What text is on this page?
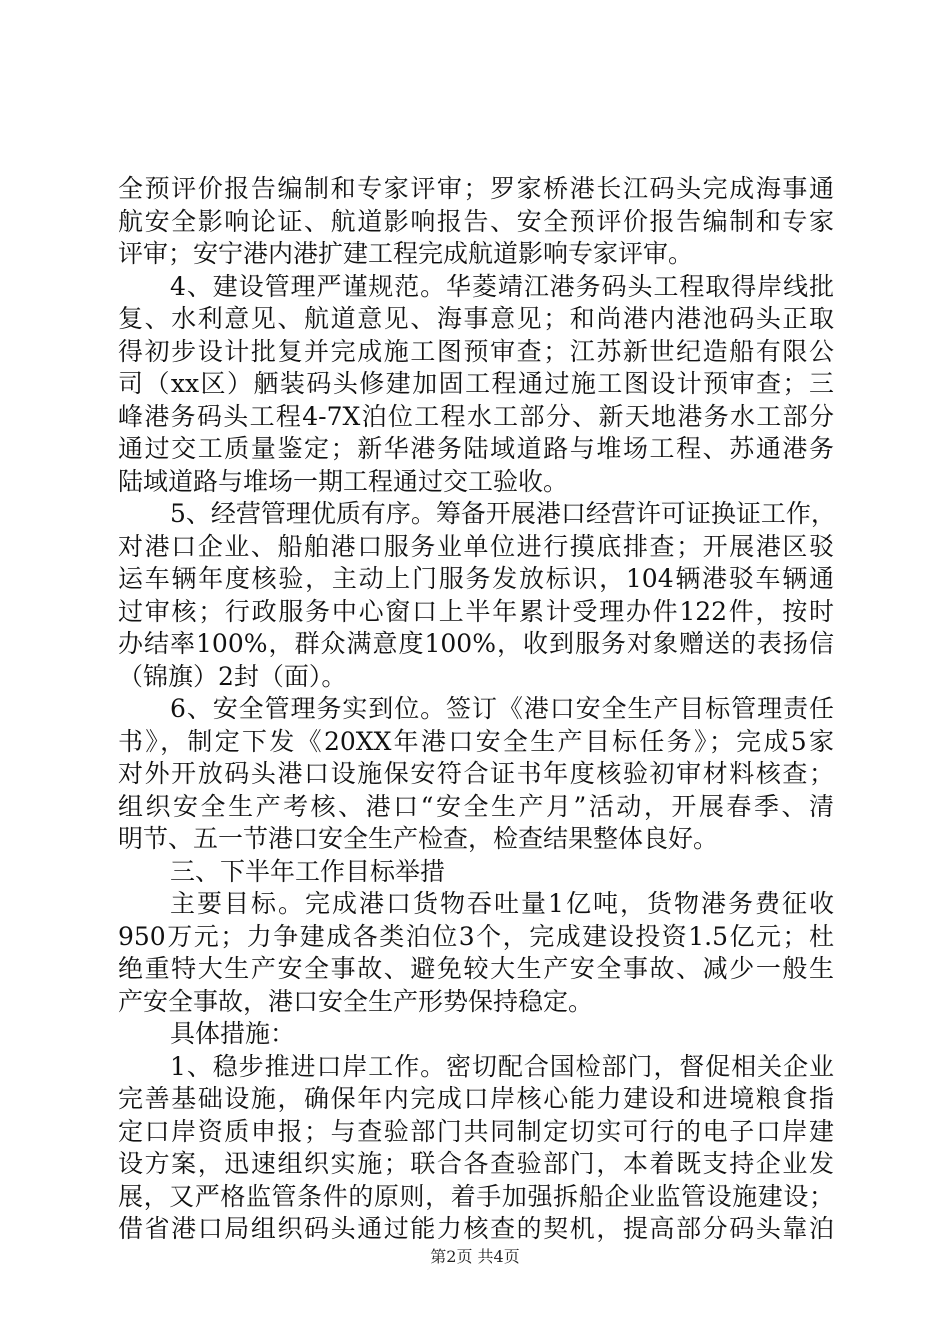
全预评价报告编制和专家评审；罗家桥港长江码头完成海事通
航安全影响论证、航道影响报告、安全预评价报告编制和专家
评审；安宁港内港扩建工程完成航道影响专家评审。
4、建设管理严谨规范。华菱靖江港务码头工程取得岸线批
复、水利意见、航道意见、海事意见；和尚港内港池码头正取
得初步设计批复并完成施工图预审查；江苏新世纪造船有限公
司（xx区）舾装码头修建加固工程通过施工图设计预审查；三
峰港务码头工程4-7X泊位工程水工部分、新天地港务水工部分
通过交工质量鉴定；新华港务陆域道路与堆场工程、苏通港务
陆域道路与堆场一期工程通过交工验收。
5、经营管理优质有序。筹备开展港口经营许可证换证工作，
对港口企业、船舶港口服务业单位进行摸底排查；开展港区驳
运车辆年度核验，主动上门服务发放标识，104辆港驳车辆通
过审核；行政服务中心窗口上半年累计受理办件122件，按时
办结率100%，群众满意度100%，收到服务对象赠送的表扬信
（锦旗）2封（面）。
6、安全管理务实到位。签订《港口安全生产目标管理责任
书》，制定下发《20XX年港口安全生产目标任务》；完成5家
对外开放码头港口设施保安符合证书年度核验初审材料核查；
组织安全生产考核、港口“安全生产月”活动，开展春季、清
明节、五一节港口安全生产检查，检查结果整体良好。
三、下半年工作目标举措
主要目标。完成港口货物吞吐量1亿吨，货物港务费征收
950万元；力争建成各类泊位3个，完成建设投资1.5亿元；杜
绝重特大生产安全事故、避免较大生产安全事故、减少一般生
产安全事故，港口安全生产形势保持稳定。
具体措施：
1、稳步推进口岸工作。密切配合国检部门，督促相关企业
完善基础设施，确保年内完成口岸核心能力建设和进境粮食指
定口岸资质申报；与查验部门共同制定切实可行的电子口岸建
设方案，迅速组织实施；联合各查验部门，本着既支持企业发
展，又严格监管条件的原则，着手加强拆船企业监管设施建设；
借省港口局组织码头通过能力核查的契机，提高部分码头靠泊
第2页 共4页
